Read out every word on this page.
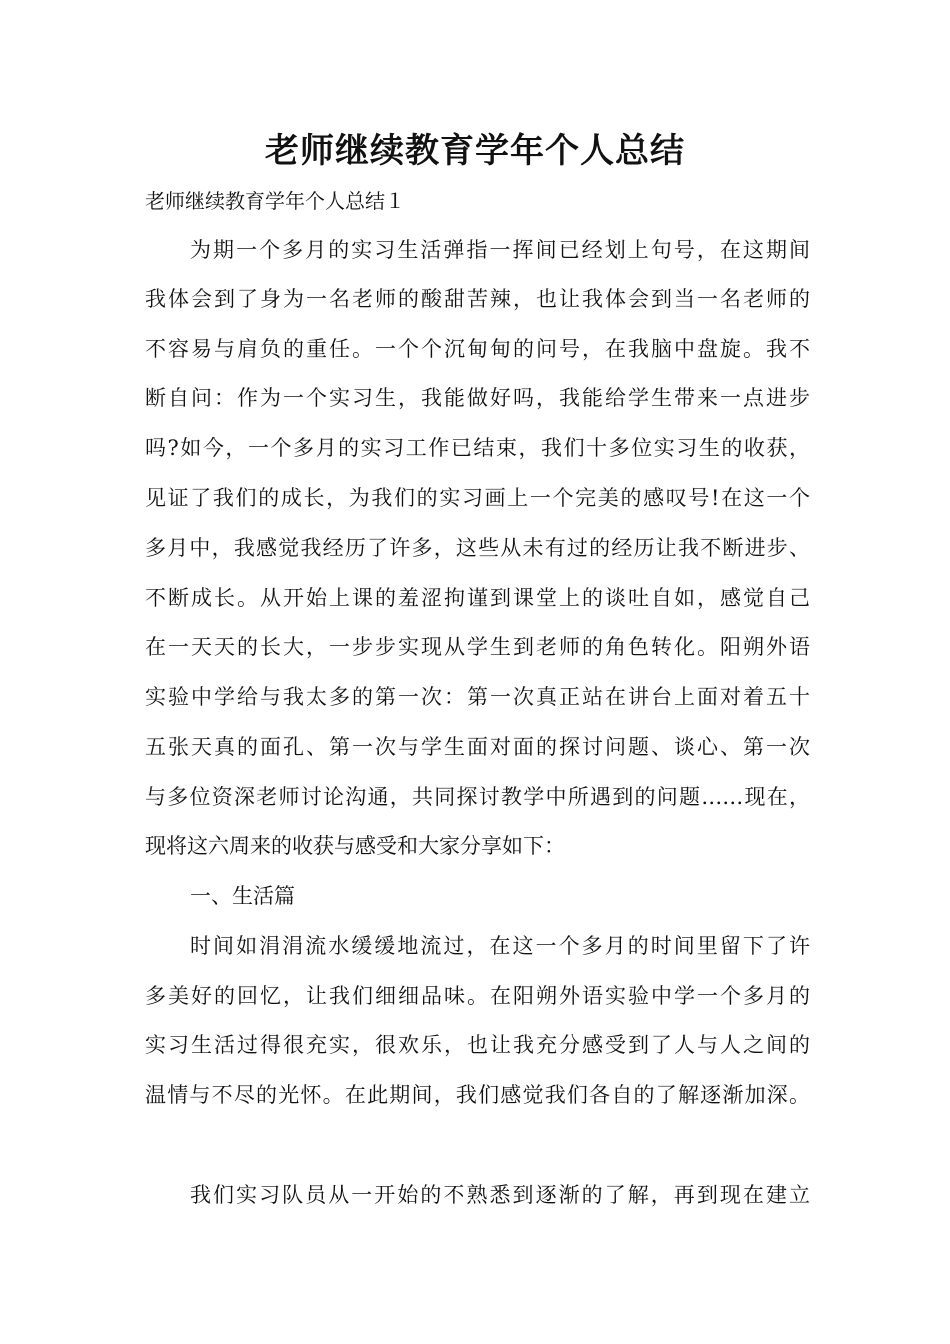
老师继续教育学年个人总结

老师继续教育学年个人总结１

为期一个多月的实习生活弹指一挥间已经划上句号，在这期间

我体会到了身为一名老师的酸甜苦辣，也让我体会到当一名老师的

不容易与肩负的重任。一个个沉甸甸的问号，在我脑中盘旋。我不

断自问：作为一个实习生，我能做好吗，我能给学生带来一点进步

吗?如今，一个多月的实习工作已结束，我们十多位实习生的收获，

见证了我们的成长，为我们的实习画上一个完美的感叹号!在这一个

多月中，我感觉我经历了许多，这些从未有过的经历让我不断进步、

不断成长。从开始上课的羞涩拘谨到课堂上的谈吐自如，感觉自己

在一天天的长大，一步步实现从学生到老师的角色转化。阳朔外语

实验中学给与我太多的第一次：第一次真正站在讲台上面对着五十

五张天真的面孔、第一次与学生面对面的探讨问题、谈心、第一次

与多位资深老师讨论沟通，共同探讨教学中所遇到的问题……现在，

现将这六周来的收获与感受和大家分享如下：

一、生活篇

时间如涓涓流水缓缓地流过，在这一个多月的时间里留下了许

多美好的回忆，让我们细细品味。在阳朔外语实验中学一个多月的

实习生活过得很充实，很欢乐，也让我充分感受到了人与人之间的

温情与不尽的光怀。在此期间，我们感觉我们各自的了解逐渐加深。

我们实习队员从一开始的不熟悉到逐渐的了解，再到现在建立
